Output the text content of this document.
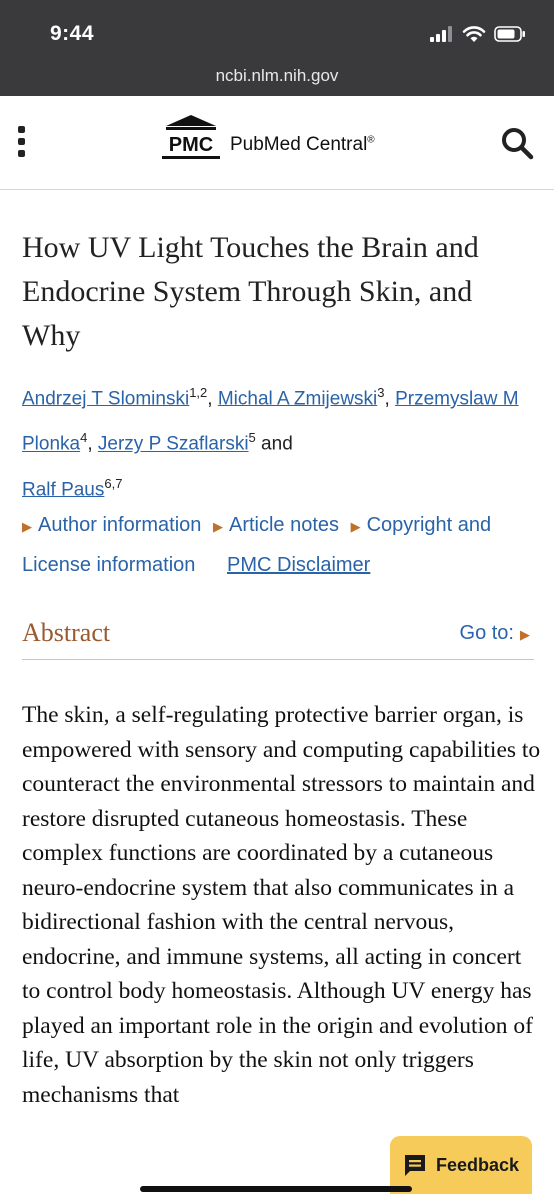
9:44
ncbi.nlm.nih.gov
PMC PubMed Central®
How UV Light Touches the Brain and Endocrine System Through Skin, and Why
Andrzej T Slominski$^{1,2}$, Michal A Zmijewski$^3$, Przemyslaw M Plonka$^4$, Jerzy P Szaflarski$^5$ and
Ralf Paus$^{6,7}$
▶ Author information ▶ Article notes ▶ Copyright and License information PMC Disclaimer
Abstract	Go to: ▶

The skin, a self-regulating protective barrier organ, is empowered with sensory and computing capabilities to counteract the environmental stressors to maintain and restore disrupted cutaneous homeostasis. These complex functions are coordinated by a cutaneous neuro-endocrine system that also communicates in a bidirectional fashion with the central nervous, endocrine, and immune systems, all acting in concert to control body homeostasis. Although UV energy has played an important role in the origin and evolution of life, UV absorption by the skin not only triggers mechanisms that

Feedback
